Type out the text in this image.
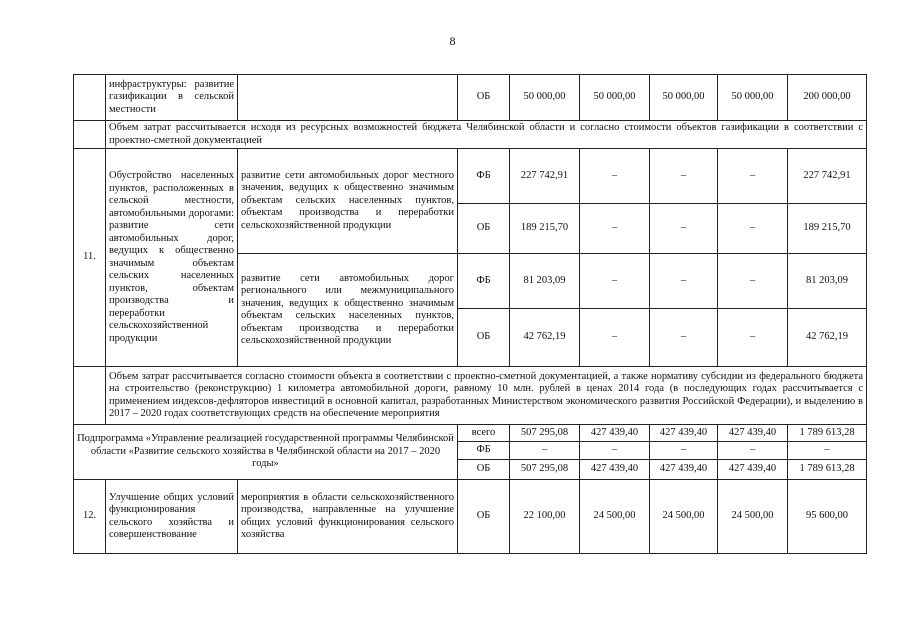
8
	инфраструктуры: развитие газификации в сельской местности		ОБ	50 000,00	50 000,00	50 000,00	50 000,00	200 000,00
	Объем затрат рассчитывается исходя из ресурсных возможностей бюджета Челябинской области и согласно стоимости объектов газификации в соответствии с проектно-сметной документацией							
11.	Обустройство населенных пунктов, расположенных в сельской местности, автомобильными дорогами: развитие сети автомобильных дорог, ведущих к общественно значимым объектам сельских населенных пунктов, объектам производства и переработки сельскохозяйственной продукции	развитие сети автомобильных дорог местного значения, ведущих к общественно значимым объектам сельских населенных пунктов, объектам производства и переработки сельскохозяйственной продукции	ФБ	227 742,91	–	–	–	227 742,91
			ОБ	189 215,70	–	–	–	189 215,70
		развитие сети автомобильных дорог регионального или межмуниципального значения, ведущих к общественно значимым объектам сельских населенных пунктов, объектам производства и переработки сельскохозяйственной продукции	ФБ	81 203,09	–	–	–	81 203,09
			ОБ	42 762,19	–	–	–	42 762,19
	Объем затрат рассчитывается согласно стоимости объекта в соответствии с проектно-сметной документацией, а также нормативу субсидии из федерального бюджета на строительство (реконструкцию) 1 километра автомобильной дороги, равному 10 млн. рублей в ценах 2014 года (в последующих годах рассчитывается с применением индексов-дефляторов инвестиций в основной капитал, разработанных Министерством экономического развития Российской Федерации), и выделению в 2017 – 2020 годах соответствующих средств на обеспечение мероприятия							
Подпрограмма «Управление реализацией государственной программы Челябинской области «Развитие сельского хозяйства в Челябинской области на 2017 – 2020 годы»			всего	507 295,08	427 439,40	427 439,40	427 439,40	1 789 613,28
			ФБ	–	–	–	–	–
			ОБ	507 295,08	427 439,40	427 439,40	427 439,40	1 789 613,28
12.	Улучшение общих условий функционирования сельского хозяйства и совершенствование	мероприятия в области сельскохозяйственного производства, направленные на улучшение общих условий функционирования сельского хозяйства	ОБ	22 100,00	24 500,00	24 500,00	24 500,00	95 600,00
